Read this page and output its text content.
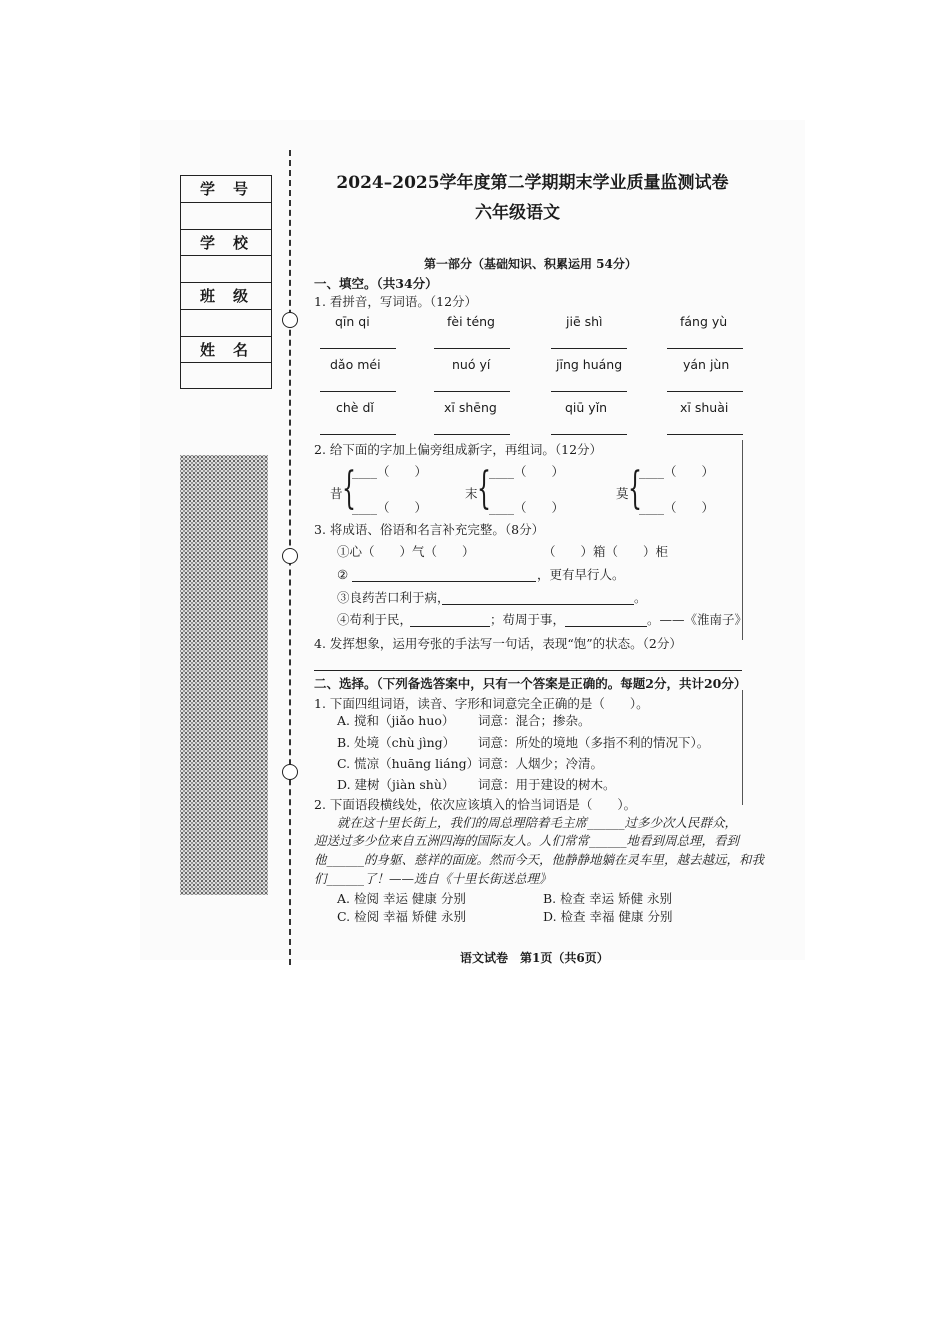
学号
学校
班级
姓名
2024–2025学年度第二学期期末学业质量监测试卷
六年级语文
第一部分（基础知识、积累运用 54分）
一、填空。（共34分）
1. 看拼音，写词语。（12分）
qīn qi	fèi téng	jiē shì	fáng yù
dǎo méi	nuó yí	jīng huáng	yán jùn
chè dǐ	xī shēng	qiū yǐn	xī shuài
2. 给下面的字加上偏旁组成新字，再组词。（12分）
昔 {
____（　　）
____（　　）
末 {
____（　　）
____（　　）
莫 {
____（　　）
____（　　）
3. 将成语、俗语和名言补充完整。（8分）
①心（　　）气（　　）	（　　）箱（　　）柜
②	，更有早行人。
③良药苦口利于病，	。
④苟利于民，	；苟周于事，	。——《淮南子》
4. 发挥想象，运用夸张的手法写一句话，表现“饱”的状态。（2分）
二、选择。（下列备选答案中，只有一个答案是正确的。每题2分，共计20分）
1. 下面四组词语，读音、字形和词意完全正确的是（　　）。
A. 搅和（jiǎo huo） 词意：混合；掺杂。
B. 处境（chù jìng） 词意：所处的境地（多指不利的情况下）。
C. 慌凉（huāng liáng）
词意：人烟少；冷清。
D. 建树（jiàn shù） 词意：用于建设的树木。
2. 下面语段横线处，依次应该填入的恰当词语是（　　）。
就在这十里长街上，我们的周总理陪着毛主席______过多少次人民群众，
迎送过多少位来自五洲四海的国际友人。人们常常______地看到周总理，看到
他______的身躯、慈祥的面庞。然而今天，他静静地躺在灵车里，越去越远，和我
们______了！——选自《十里长街送总理》
A. 检阅 幸运 健康 分别	B. 检查 幸运 矫健 永别
C. 检阅 幸福 矫健 永别	D. 检查 幸福 健康 分别
语文试卷　第1页（共6页）
